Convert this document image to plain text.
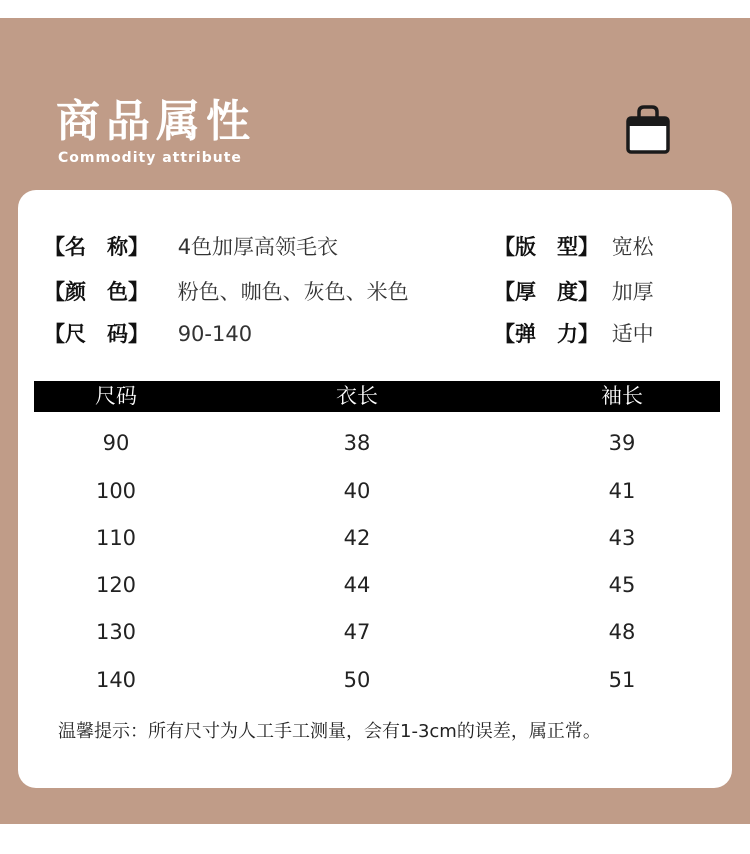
商品属性
Commodity attribute
【名　称】 4色加厚高领毛衣
【颜　色】 粉色、咖色、灰色、米色
【尺　码】 90-140
【版　型】 宽松
【厚　度】 加厚
【弹　力】 适中
尺码	衣长	袖长
90	38	39
100	40	41
110	42	43
120	44	45
130	47	48
140	50	51
温馨提示：所有尺寸为人工手工测量，会有1-3cm的误差，属正常。
